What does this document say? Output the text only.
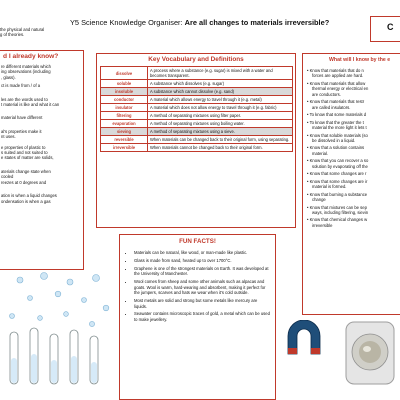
Y5 Science Knowledge Organiser: Are all changes to materials irreversible?
the physical and natural
g of theories.
C
d I already know?
re different materials which
ing observations (including
, glass).
ct is made from / of a
les are the words used to
t material is like and what it can
material have different
al's properties make it
nt uses.
e properties of plastic to
s suited and not suited to
e states of matter are solids,
aterials change state when
cooled
reezes at 0 degrees and
ation is when a liquid changes
ondensation is when a gas
Key Vocabulary and Definitions
dissolve	A process where a substance (e.g. sugar) is mixed with a water and becomes transparent.
soluble	A substance which dissolves (e.g. sugar)
insoluble	A substance which cannot dissolve (e.g. sand)
conductor	A material which allows energy to travel through it (e.g. metal)
insulator	A material which does not allow energy to travel through it (e.g. fabric)
filtering	A method of separating mixtures using filter paper.
evaporation	A method of separating mixtures using boiling water.
sieving	A method of separating mixtures using a sieve.
reversible	When materials can be changed back to their original form, using separating.
irreversible	When materials cannot be changed back to their original form.
FUN FACTS!
• Materials can be natural, like wood, or man-made like plastic.
• Glass is made from sand, heated up to over 1700°C.
• Graphene is one of the strongest materials on Earth. It was developed at the University of Manchester.
• Wool comes from sheep and some other animals such as alpacas and goats. Wool is warm, hard-wearing and absorbent, making it perfect for the jumpers, scarves and hats we wear when it's cold outside.
• Most metals are solid and strong but some metals like mercury are liquids.
• Seawater contains microscopic traces of gold, a metal which can be used to make jewellery.
What will I know by the e
• Know that materials that do n
forces are applied are hard.
• Know that materials that allow
thermal energy or electrical en
are conductors.
• Know that materials that restr
are called insulators.
• To know that some materials d
• To know that the greater the t
material the more light it lets t
• Know that soluble materials (so
be dissolved in a liquid.
• Know that a solution contains
material.
• Know that you can recover a so
solution by evaporating off the
• Know that some changes are r
• Know that some changes are ir
material is formed.
• Know that burning a substance
change
• Know that mixtures can be sep
ways, including filtering, sievin
• Know that chemical changes w
irreversible
